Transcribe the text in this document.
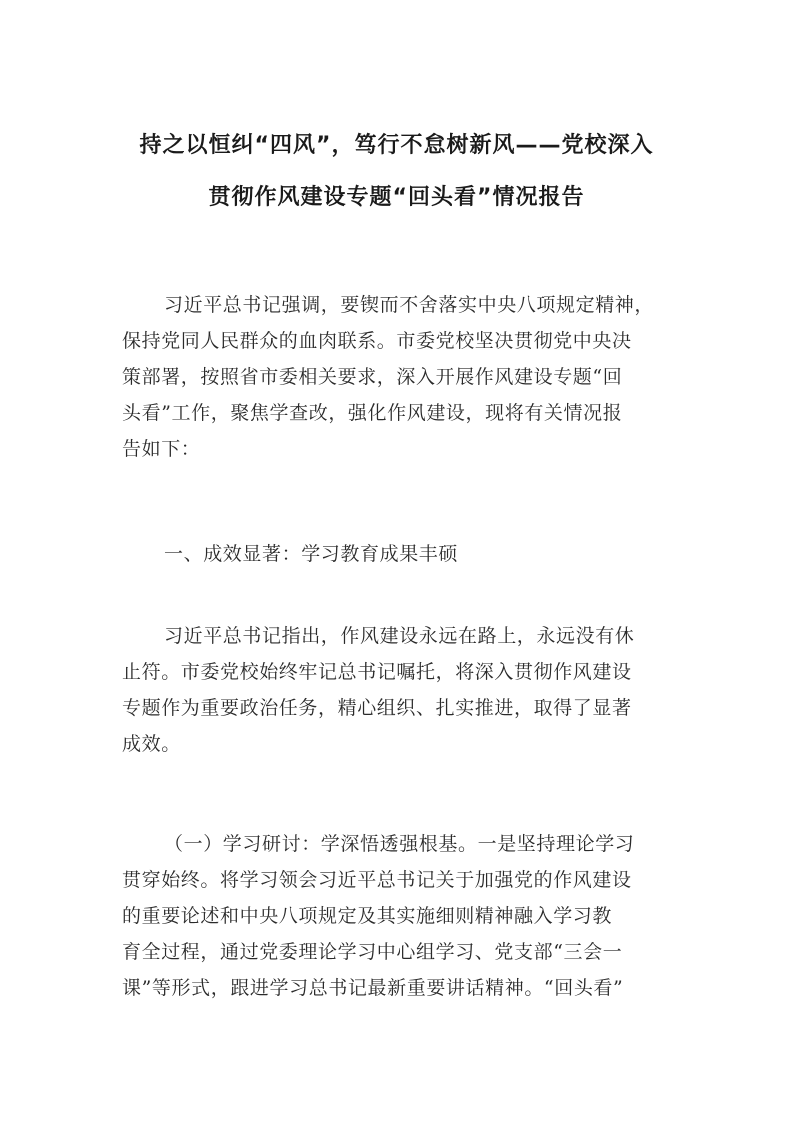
持之以恒纠“四风”，笃行不怠树新风——党校深入
贯彻作风建设专题“回头看”情况报告
习近平总书记强调，要锲而不舍落实中央八项规定精神，
保持党同人民群众的血肉联系。市委党校坚决贯彻党中央决
策部署，按照省市委相关要求，深入开展作风建设专题“回
头看”工作，聚焦学查改，强化作风建设，现将有关情况报
告如下：
一、成效显著：学习教育成果丰硕
习近平总书记指出，作风建设永远在路上，永远没有休
止符。市委党校始终牢记总书记嘱托，将深入贯彻作风建设
专题作为重要政治任务，精心组织、扎实推进，取得了显著
成效。
（一）学习研讨：学深悟透强根基。一是坚持理论学习
贯穿始终。将学习领会习近平总书记关于加强党的作风建设
的重要论述和中央八项规定及其实施细则精神融入学习教
育全过程，通过党委理论学习中心组学习、党支部“三会一
课”等形式，跟进学习总书记最新重要讲话精神。“回头看”
